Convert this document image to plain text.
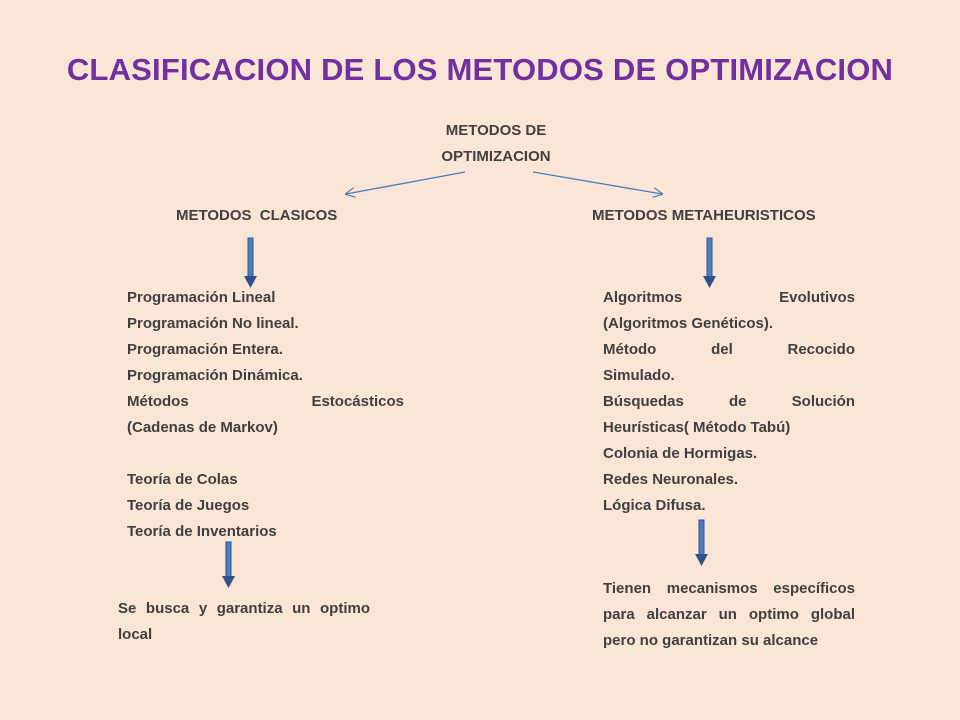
CLASIFICACION DE LOS METODOS DE OPTIMIZACION
METODOS DE
OPTIMIZACION
METODOS CLASICOS	METODOS METAHEURISTICOS
Programación Lineal
Programación No lineal.
Programación Entera.
Programación Dinámica.
Métodos Estocásticos
(Cadenas de Markov)
Teoría de Colas
Teoría de Juegos
Teoría de Inventarios
Algoritmos Evolutivos
(Algoritmos Genéticos).
Método del Recocido
Simulado.
Búsquedas de Solución
Heurísticas( Método Tabú)
Colonia de Hormigas.
Redes Neuronales.
Lógica Difusa.
Se busca y garantiza un optimo local
Tienen mecanismos específicos para alcanzar un optimo global pero no garantizan su alcance
